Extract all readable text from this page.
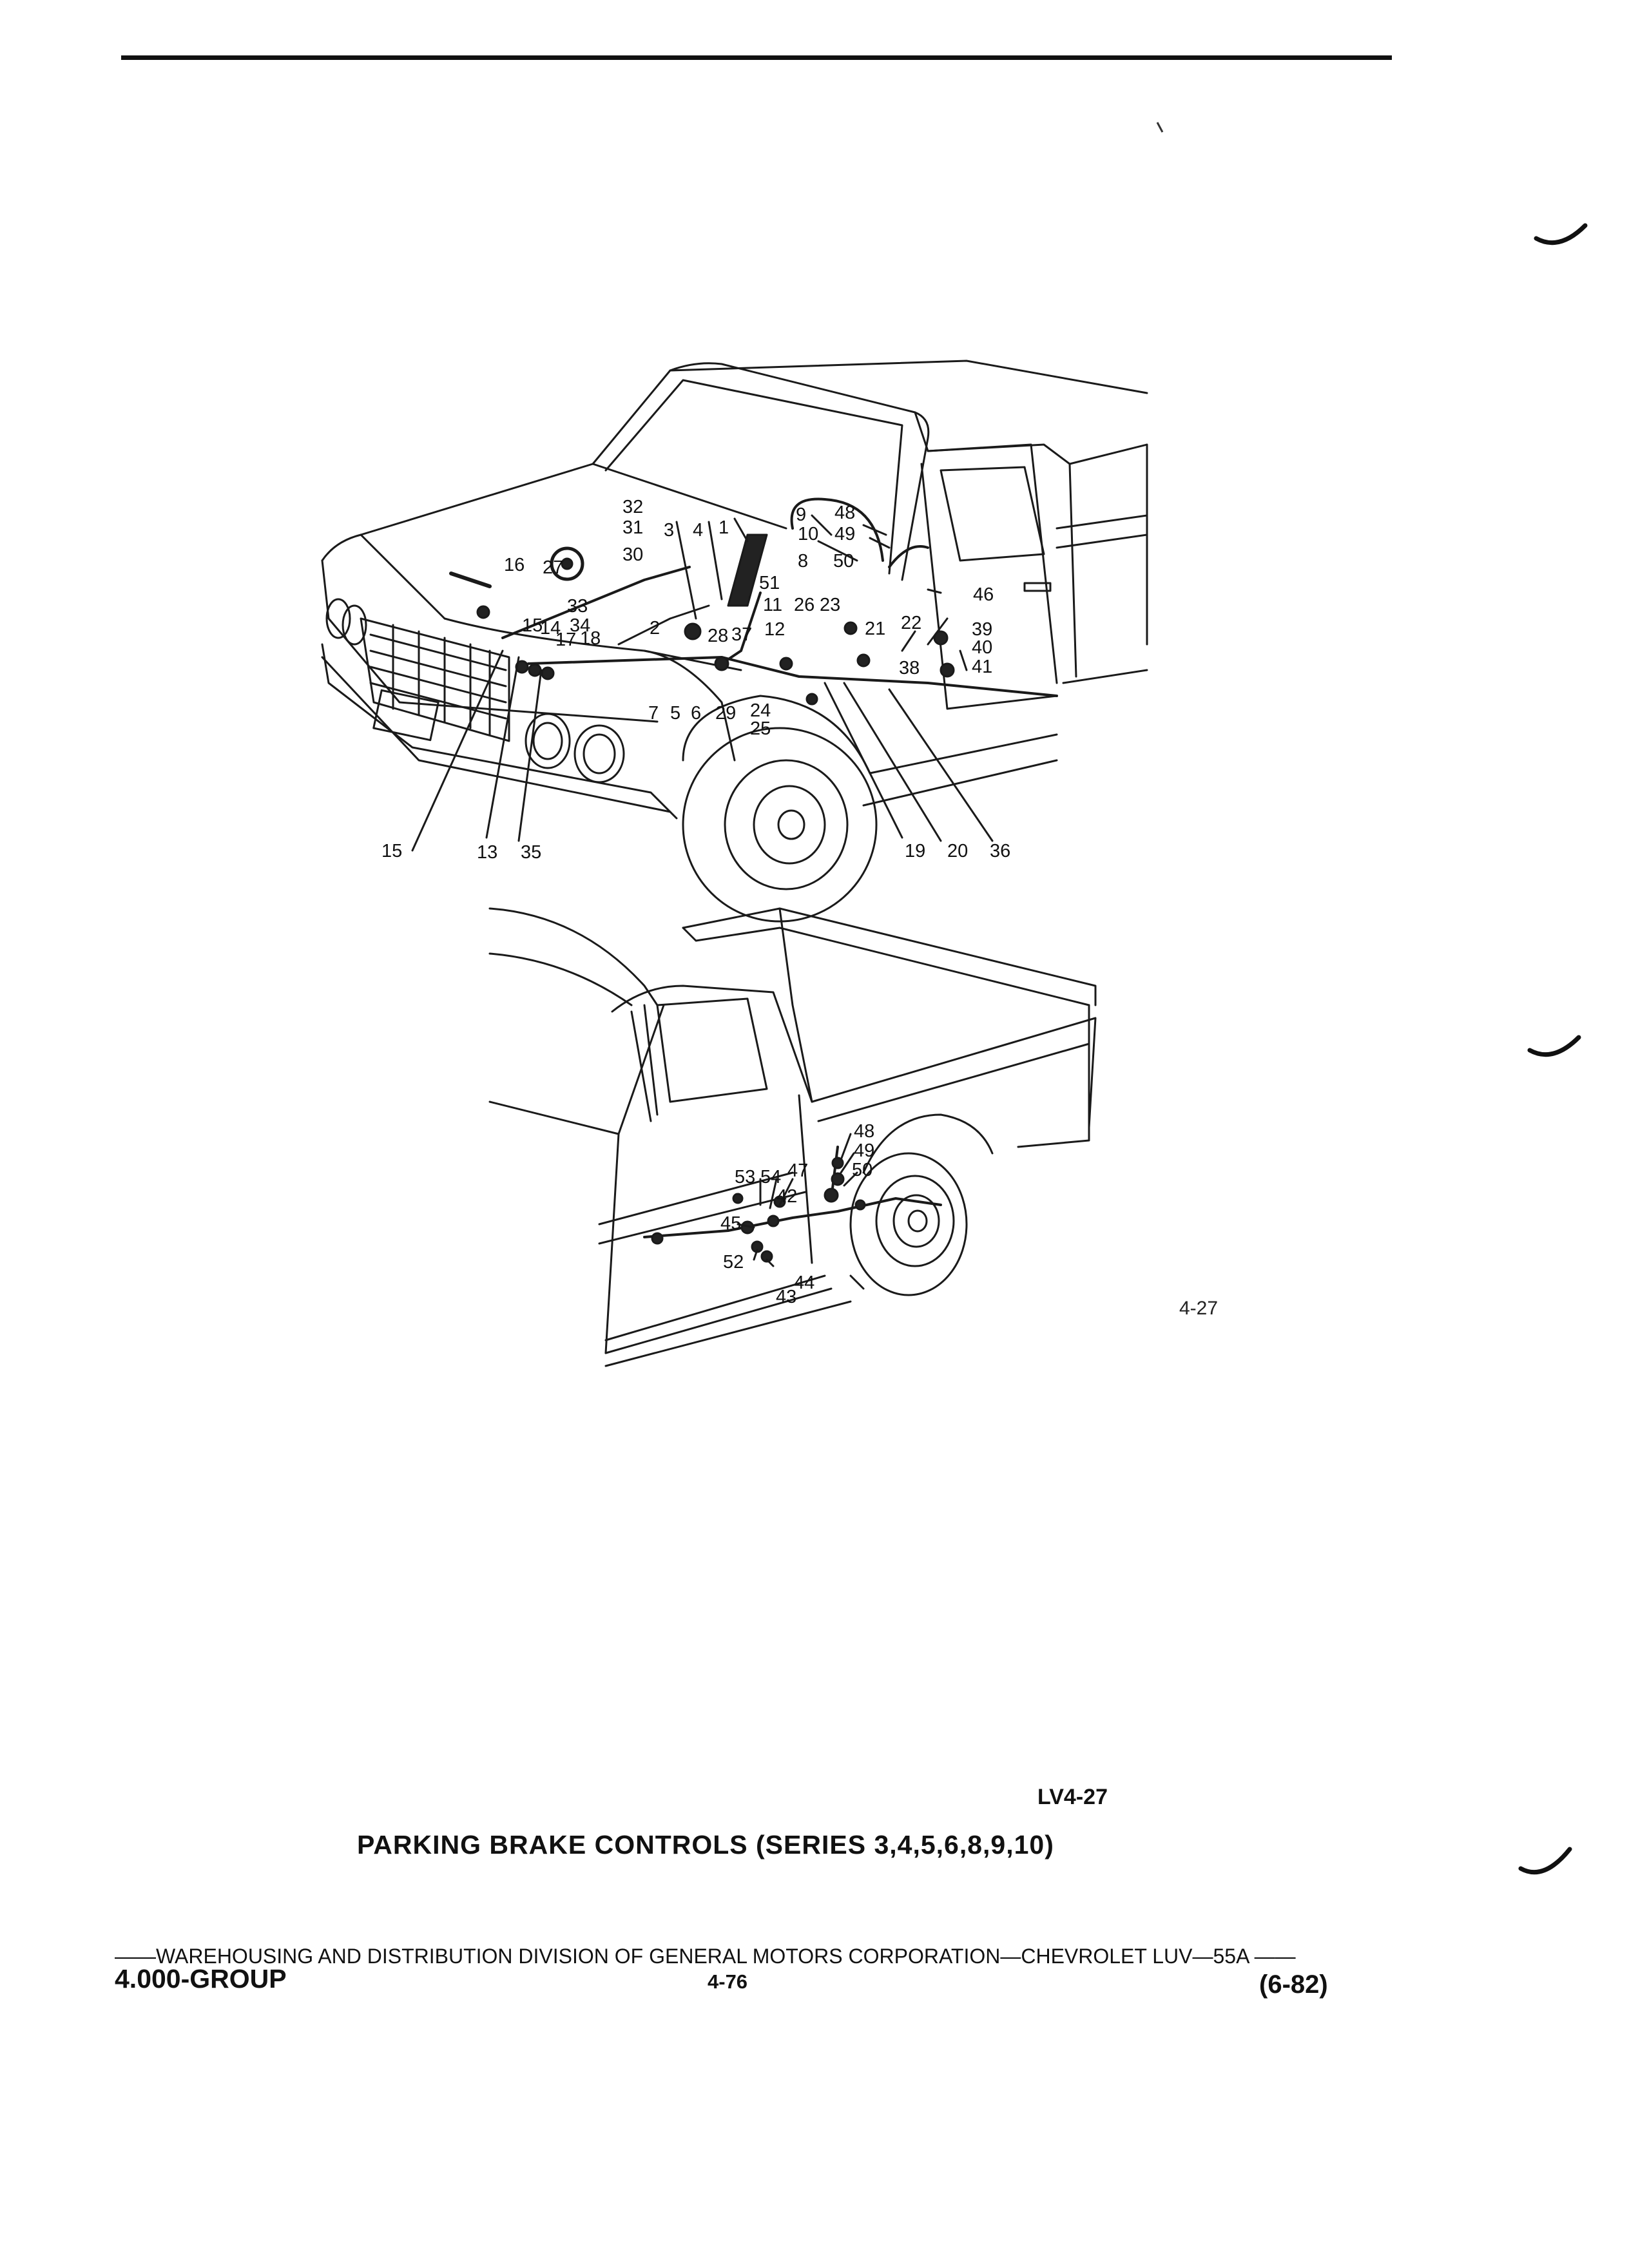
32
31
30
16 27
33
34
18
15
14
17
3 4 1
2	28 37
9
10
8
48
49
50
51
11
12
26 23
21 22	39
40
41
38
46
7 5 6 29 24
25
15	13 35	19 20 36
48
49
50
53 54 47
42
45
52
44
43
4-27
LV4-27
PARKING BRAKE CONTROLS (SERIES 3,4,5,6,8,9,10)
——WAREHOUSING AND DISTRIBUTION DIVISION OF GENERAL MOTORS CORPORATION—CHEVROLET LUV—55A ——
4.000-GROUP	4-76	(6-82)
